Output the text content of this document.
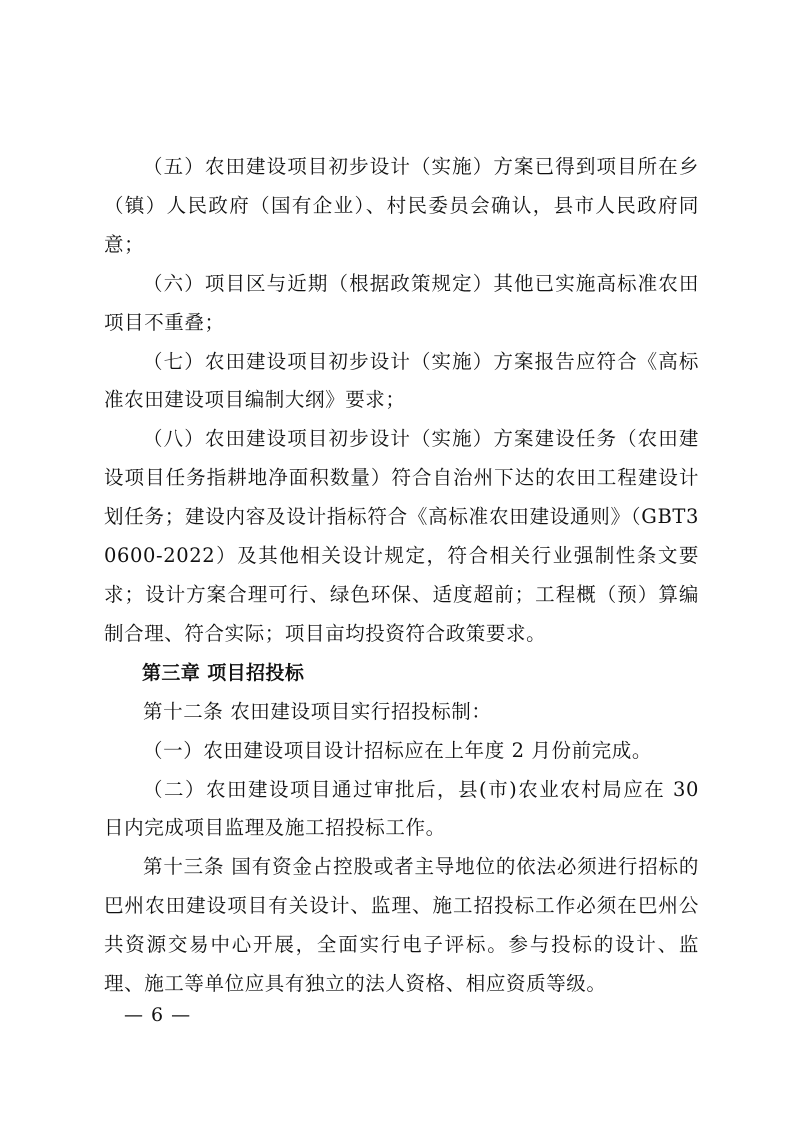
（五）农田建设项目初步设计（实施）方案已得到项目所在乡（镇）人民政府（国有企业）、村民委员会确认，县市人民政府同意；

（六）项目区与近期（根据政策规定）其他已实施高标准农田项目不重叠；

（七）农田建设项目初步设计（实施）方案报告应符合《高标准农田建设项目编制大纲》要求；

（八）农田建设项目初步设计（实施）方案建设任务（农田建设项目任务指耕地净面积数量）符合自治州下达的农田工程建设计划任务；建设内容及设计指标符合《高标准农田建设通则》（GBT30600-2022）及其他相关设计规定，符合相关行业强制性条文要求；设计方案合理可行、绿色环保、适度超前；工程概（预）算编制合理、符合实际；项目亩均投资符合政策要求。

第三章 项目招投标

第十二条 农田建设项目实行招投标制：

（一）农田建设项目设计招标应在上年度 2 月份前完成。

（二）农田建设项目通过审批后，县(市)农业农村局应在 30 日内完成项目监理及施工招投标工作。

第十三条 国有资金占控股或者主导地位的依法必须进行招标的巴州农田建设项目有关设计、监理、施工招投标工作必须在巴州公共资源交易中心开展，全面实行电子评标。参与投标的设计、监理、施工等单位应具有独立的法人资格、相应资质等级。

— 6 —
